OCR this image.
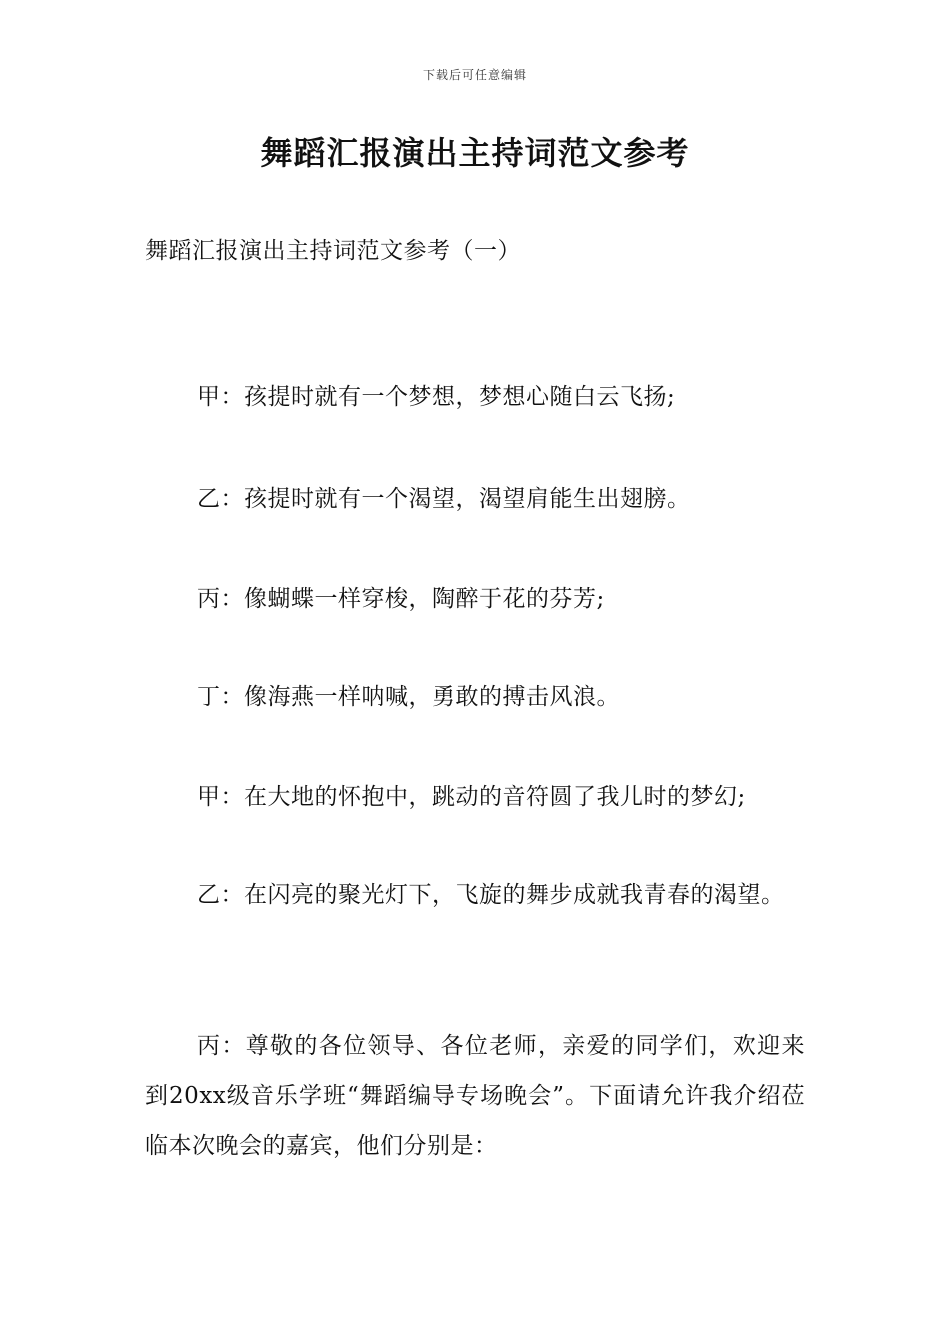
下载后可任意编辑
舞蹈汇报演出主持词范文参考
舞蹈汇报演出主持词范文参考（一）

甲：孩提时就有一个梦想，梦想心随白云飞扬;

乙：孩提时就有一个渴望，渴望肩能生出翅膀。

丙：像蝴蝶一样穿梭，陶醉于花的芬芳;

丁：像海燕一样呐喊，勇敢的搏击风浪。

甲：在大地的怀抱中，跳动的音符圆了我儿时的梦幻;

乙：在闪亮的聚光灯下，飞旋的舞步成就我青春的渴望。

丙：尊敬的各位领导、各位老师，亲爱的同学们，欢迎来到20xx级音乐学班“舞蹈编导专场晚会”。下面请允许我介绍莅临本次晚会的嘉宾，他们分别是：
